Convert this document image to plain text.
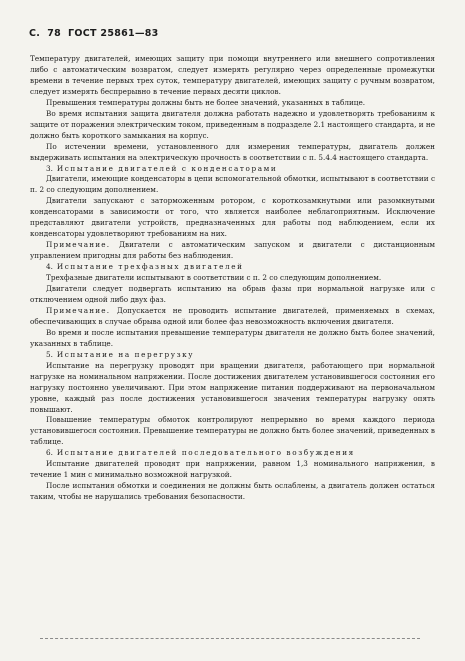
С. 78 ГОСТ 25861—83

Температуру двигателей, имеющих защиту при помощи внутреннего или внешнего сопротивления либо с автоматическим возвратом, следует измерять регулярно через определенные промежутки времени в течение первых трех суток, температуру двигателей, имеющих защиту с ручным возвратом, следует измерять беспрерывно в течение первых десяти циклов.

Превышения температуры должны быть не более значений, указанных в таблице.

Во время испытания защита двигателя должна работать надежно и удовлетворять требованиям к защите от поражения электрическим током, приведенным в подразделе 2.1 настоящего стандарта, и не должно быть короткого замыкания на корпус.

По истечении времени, установленного для измерения температуры, двигатель должен выдерживать испытания на электрическую прочность в соответствии с п. 5.4.4 настоящего стандарта.

3. Испытание двигателей с конденсаторами

Двигатели, имеющие конденсаторы в цепи вспомогательной обмотки, испытывают в соответствии с п. 2 со следующим дополнением.

Двигатели запускают с заторможенным ротором, с короткозамкнутыми или разомкнутыми конденсаторами в зависимости от того, что является наиболее неблагоприятным. Исключение представляют двигатели устройств, предназначенных для работы под наблюдением, если их конденсаторы удовлетворяют требованиям на них.

Примечание. Двигатели с автоматическим запуском и двигатели с дистанционным управлением пригодны для работы без наблюдения.

4. Испытание трехфазных двигателей

Трехфазные двигатели испытывают в соответствии с п. 2 со следующим дополнением.

Двигатели следует подвергать испытанию на обрыв фазы при нормальной нагрузке или с отключением одной либо двух фаз.

Примечание. Допускается не проводить испытание двигателей, применяемых в схемах, обеспечивающих в случае обрыва одной или более фаз невозможность включения двигателя.

Во время и после испытания превышение температуры двигателя не должно быть более значений, указанных в таблице.

5. Испытание на перегрузку

Испытание на перегрузку проводят при вращении двигателя, работающего при нормальной нагрузке на номинальном напряжении. После достижения двигателем установившегося состояния его нагрузку постоянно увеличивают. При этом напряжение питания поддерживают на первоначальном уровне, каждый раз после достижения установившегося значения температуры нагрузку опять повышают.

Повышение температуры обмоток контролируют непрерывно во время каждого периода установившегося состояния. Превышение температуры не должно быть более значений, приведенных в таблице.

6. Испытание двигателей последовательного возбуждения

Испытание двигателей проводят при напряжении, равном 1,3 номинального напряжения, в течение 1 мин с минимально возможной нагрузкой.

После испытания обмотки и соединения не должны быть ослаблены, а двигатель должен остаться таким, чтобы не нарушались требования безопасности.
